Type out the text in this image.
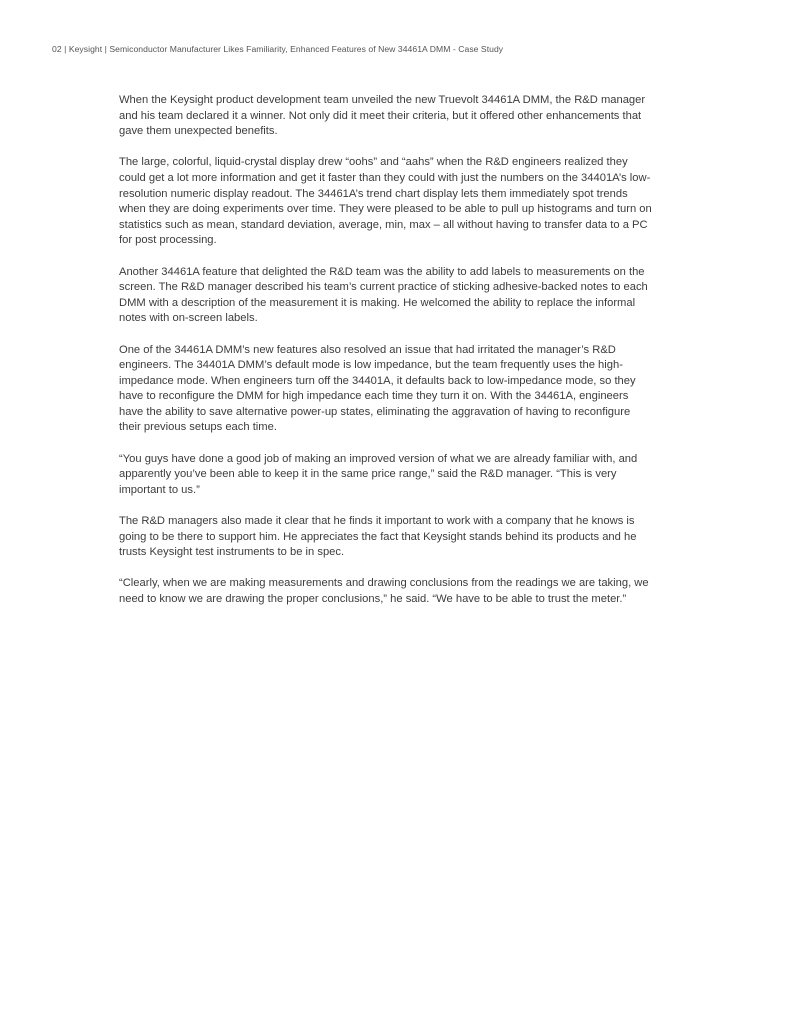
02 | Keysight | Semiconductor Manufacturer Likes Familiarity, Enhanced Features of New 34461A DMM - Case Study

When the Keysight product development team unveiled the new Truevolt 34461A DMM, the R&D manager and his team declared it a winner. Not only did it meet their criteria, but it offered other enhancements that gave them unexpected benefits.

The large, colorful, liquid-crystal display drew “oohs” and “aahs” when the R&D engineers realized they could get a lot more information and get it faster than they could with just the numbers on the 34401A’s low-resolution numeric display readout. The 34461A’s trend chart display lets them immediately spot trends when they are doing experiments over time. They were pleased to be able to pull up histograms and turn on statistics such as mean, standard deviation, average, min, max – all without having to transfer data to a PC for post processing.

Another 34461A feature that delighted the R&D team was the ability to add labels to measurements on the screen. The R&D manager described his team’s current practice of sticking adhesive-backed notes to each DMM with a description of the measurement it is making. He welcomed the ability to replace the informal notes with on-screen labels.

One of the 34461A DMM’s new features also resolved an issue that had irritated the manager’s R&D engineers. The 34401A DMM’s default mode is low impedance, but the team frequently uses the high-impedance mode. When engineers turn off the 34401A, it defaults back to low-impedance mode, so they have to reconfigure the DMM for high impedance each time they turn it on. With the 34461A, engineers have the ability to save alternative power-up states, eliminating the aggravation of having to reconfigure their previous setups each time.

“You guys have done a good job of making an improved version of what we are already familiar with, and apparently you’ve been able to keep it in the same price range,” said the R&D manager. “This is very important to us.”

The R&D managers also made it clear that he finds it important to work with a company that he knows is going to be there to support him. He appreciates the fact that Keysight stands behind its products and he trusts Keysight test instruments to be in spec.

“Clearly, when we are making measurements and drawing conclusions from the readings we are taking, we need to know we are drawing the proper conclusions,” he said. “We have to be able to trust the meter.”
